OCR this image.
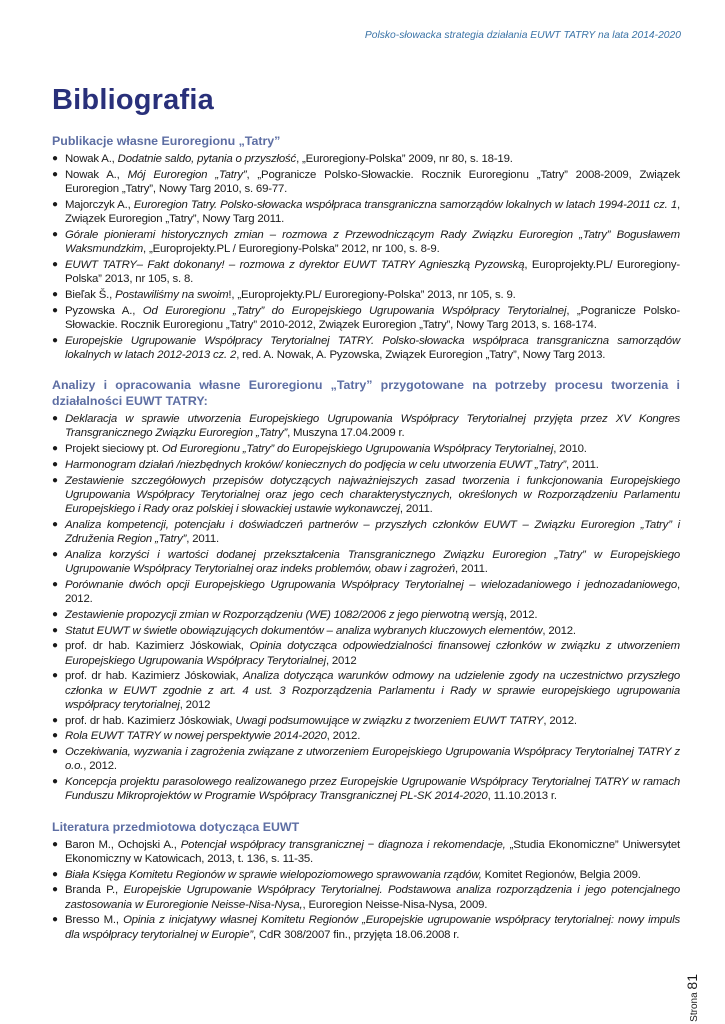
Polsko-słowacka strategia działania EUWT TATRY na lata 2014-2020
Bibliografia
Publikacje własne Euroregionu „Tatry”
● Nowak A., Dodatnie saldo, pytania o przyszłość, „Euroregiony-Polska” 2009, nr 80, s. 18-19.
● Nowak A., Mój Euroregion „Tatry”, „Pogranicze Polsko-Słowackie. Rocznik Euroregionu „Tatry” 2008-2009, Związek Euroregion „Tatry”, Nowy Targ 2010, s. 69-77.
● Majorczyk A., Euroregion Tatry. Polsko-słowacka współpraca transgraniczna samorządów lokalnych w latach 1994-2011 cz. 1, Związek Euroregion „Tatry”, Nowy Targ 2011.
● Górale pionierami historycznych zmian – rozmowa z Przewodniczącym Rady Związku Euroregion „Tatry” Bogusławem Waksmundzkim, „Europrojekty.PL / Euroregiony-Polska” 2012, nr 100, s. 8-9.
● EUWT TATRY– Fakt dokonany! – rozmowa z dyrektor EUWT TATRY Agnieszką Pyzowską, Europrojekty.PL/ Euroregiony-Polska” 2013, nr 105, s. 8.
● Bieľak Š., Postawiliśmy na swoim!, „Europrojekty.PL/ Euroregiony-Polska” 2013, nr 105, s. 9.
● Pyzowska A., Od Euroregionu „Tatry” do Europejskiego Ugrupowania Współpracy Terytorialnej, „Pogranicze Polsko-Słowackie. Rocznik Euroregionu „Tatry” 2010-2012, Związek Euroregion „Tatry”, Nowy Targ 2013, s. 168-174.
● Europejskie Ugrupowanie Współpracy Terytorialnej TATRY. Polsko-słowacka współpraca transgraniczna samorządów lokalnych w latach 2012-2013 cz. 2, red. A. Nowak, A. Pyzowska, Związek Euroregion „Tatry”, Nowy Targ 2013.
Analizy i opracowania własne Euroregionu „Tatry” przygotowane na potrzeby procesu tworzenia i działalności EUWT TATRY:
● Deklaracja w sprawie utworzenia Europejskiego Ugrupowania Współpracy Terytorialnej przyjęta przez XV Kongres Transgranicznego Związku Euroregion „Tatry”, Muszyna 17.04.2009 r.
● Projekt sieciowy pt. Od Euroregionu „Tatry” do Europejskiego Ugrupowania Współpracy Terytorialnej, 2010.
● Harmonogram działań /niezbędnych kroków/ koniecznych do podjęcia w celu utworzenia EUWT „Tatry”, 2011.
● Zestawienie szczegółowych przepisów dotyczących najważniejszych zasad tworzenia i funkcjonowania Europejskiego Ugrupowania Współpracy Terytorialnej oraz jego cech charakterystycznych, określonych w Rozporządzeniu Parlamentu Europejskiego i Rady oraz polskiej i słowackiej ustawie wykonawczej, 2011.
● Analiza kompetencji, potencjału i doświadczeń partnerów – przyszłych członków EUWT – Związku Euroregion „Tatry” i Združenia Region „Tatry”, 2011.
● Analiza korzyści i wartości dodanej przekształcenia Transgranicznego Związku Euroregion „Tatry” w Europejskiego Ugrupowanie Współpracy Terytorialnej oraz indeks problemów, obaw i zagrożeń, 2011.
● Porównanie dwóch opcji Europejskiego Ugrupowania Współpracy Terytorialnej – wielozadaniowego i jednozadaniowego, 2012.
● Zestawienie propozycji zmian w Rozporządzeniu (WE) 1082/2006 z jego pierwotną wersją, 2012.
● Statut EUWT w świetle obowiązujących dokumentów – analiza wybranych kluczowych elementów, 2012.
● prof. dr hab. Kazimierz Jóskowiak, Opinia dotycząca odpowiedzialności finansowej członków w związku z utworzeniem Europejskiego Ugrupowania Współpracy Terytorialnej, 2012
● prof. dr hab. Kazimierz Jóskowiak, Analiza dotycząca warunków odmowy na udzielenie zgody na uczestnictwo przyszłego członka w EUWT zgodnie z art. 4 ust. 3 Rozporządzenia Parlamentu i Rady w sprawie europejskiego ugrupowania współpracy terytorialnej, 2012
● prof. dr hab. Kazimierz Jóskowiak, Uwagi podsumowujące w związku z tworzeniem EUWT TATRY, 2012.
● Rola EUWT TATRY w nowej perspektywie 2014-2020, 2012.
● Oczekiwania, wyzwania i zagrożenia związane z utworzeniem Europejskiego Ugrupowania Współpracy Terytorialnej TATRY z o.o., 2012.
● Koncepcja projektu parasolowego realizowanego przez Europejskie Ugrupowanie Współpracy Terytorialnej TATRY w ramach Funduszu Mikroprojektów w Programie Współpracy Transgranicznej PL-SK 2014-2020, 11.10.2013 r.
Literatura przedmiotowa dotycząca EUWT
● Baron M., Ochojski A., Potencjał współpracy transgranicznej − diagnoza i rekomendacje, „Studia Ekonomiczne” Uniwersytet Ekonomiczny w Katowicach, 2013, t. 136, s. 11-35.
● Biała Księga Komitetu Regionów w sprawie wielopoziomowego sprawowania rządów, Komitet Regionów, Belgia 2009.
● Branda P., Europejskie Ugrupowanie Współpracy Terytorialnej. Podstawowa analiza rozporządzenia i jego potencjalnego zastosowania w Euroregionie Neisse-Nisa-Nysa,, Euroregion Neisse-Nisa-Nysa, 2009.
● Bresso M., Opinia z inicjatywy własnej Komitetu Regionów „Europejskie ugrupowanie współpracy terytorialnej: nowy impuls dla współpracy terytorialnej w Europie”, CdR 308/2007 fin., przyjęta 18.06.2008 r.
Strona 81
